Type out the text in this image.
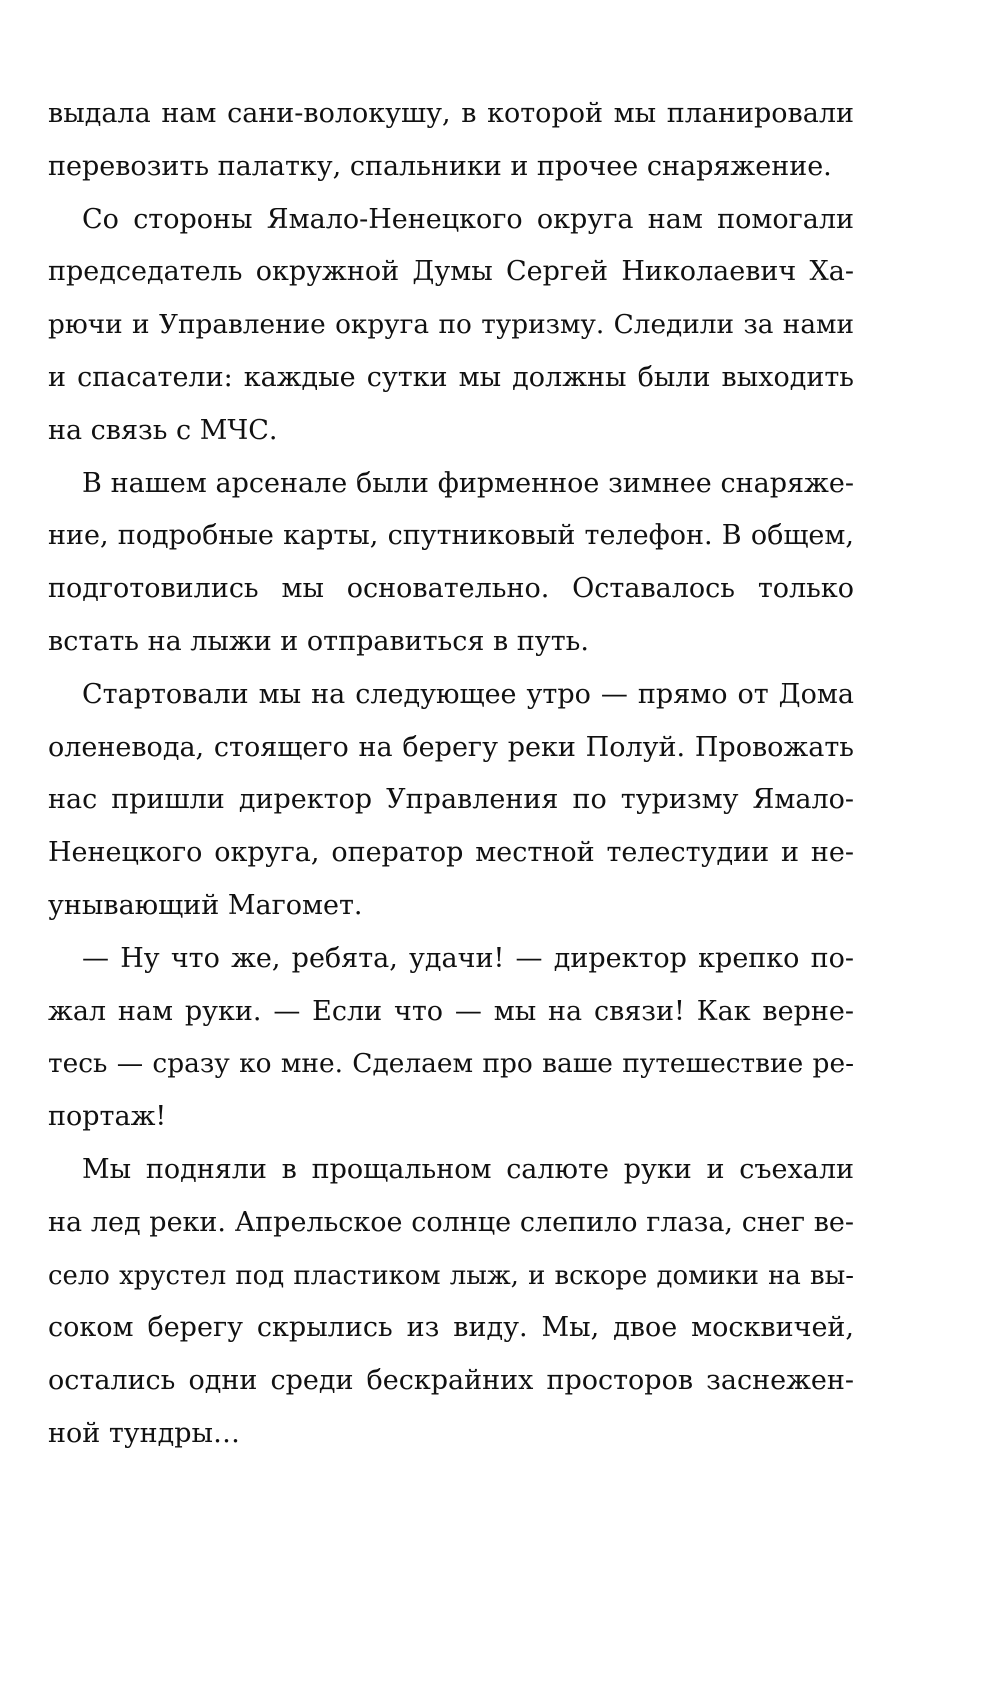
выдала нам сани-волокушу, в которой мы планировали
перевозить палатку, спальники и прочее снаряжение.
Со стороны Ямало-Ненецкого округа нам помогали
председатель окружной Думы Сергей Николаевич Ха-
рючи и Управление округа по туризму. Следили за нами
и спасатели: каждые сутки мы должны были выходить
на связь с МЧС.
В нашем арсенале были фирменное зимнее снаряже-
ние, подробные карты, спутниковый телефон. В общем,
подготовились мы основательно. Оставалось только
встать на лыжи и отправиться в путь.
Стартовали мы на следующее утро — прямо от Дома
оленевода, стоящего на берегу реки Полуй. Провожать
нас пришли директор Управления по туризму Ямало-
Ненецкого округа, оператор местной телестудии и не-
унывающий Магомет.
— Ну что же, ребята, удачи! — директор крепко по-
жал нам руки. — Если что — мы на связи! Как верне-
тесь — сразу ко мне. Сделаем про ваше путешествие ре-
портаж!
Мы подняли в прощальном салюте руки и съехали
на лед реки. Апрельское солнце слепило глаза, снег ве-
село хрустел под пластиком лыж, и вскоре домики на вы-
соком берегу скрылись из виду. Мы, двое москвичей,
остались одни среди бескрайних просторов заснежен-
ной тундры…
